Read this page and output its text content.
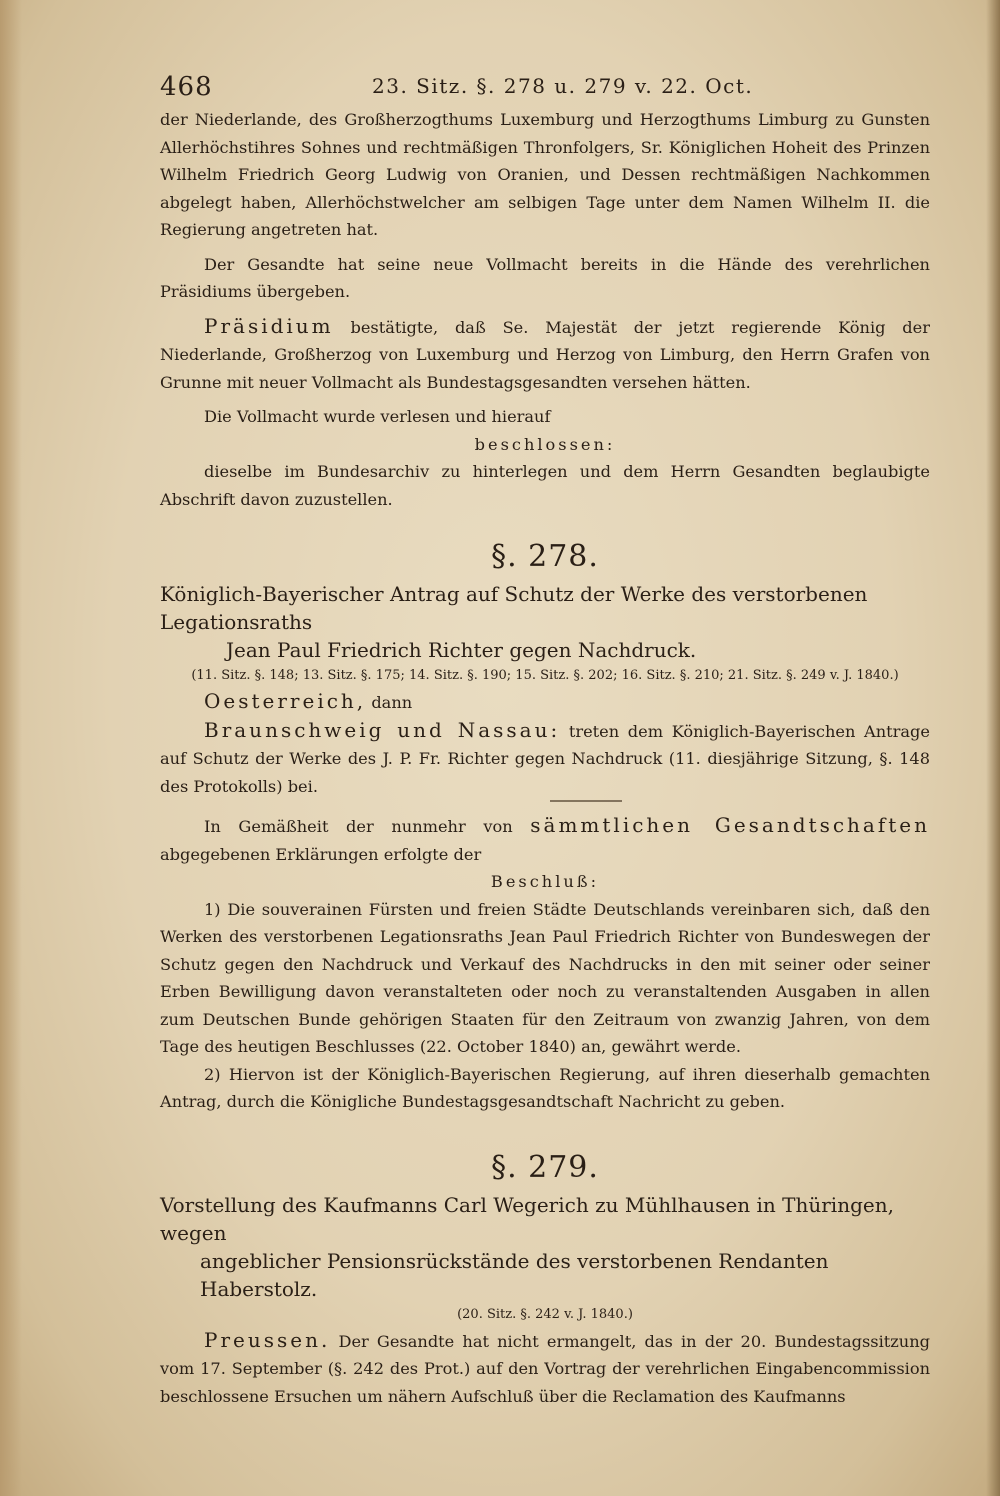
468	23. Sitz. §. 278 u. 279 v. 22. Oct.

der Niederlande, des Großherzogthums Luxemburg und Herzogthums Limburg zu Gunsten Allerhöchstihres Sohnes und rechtmäßigen Thronfolgers, Sr. Königlichen Hoheit des Prinzen Wilhelm Friedrich Georg Ludwig von Oranien, und Dessen rechtmäßigen Nachkommen abgelegt haben, Allerhöchstwelcher am selbigen Tage unter dem Namen Wilhelm II. die Regierung angetreten hat.

Der Gesandte hat seine neue Vollmacht bereits in die Hände des verehrlichen Präsidiums übergeben.

Präsidium bestätigte, daß Se. Majestät der jetzt regierende König der Niederlande, Großherzog von Luxemburg und Herzog von Limburg, den Herrn Grafen von Grunne mit neuer Vollmacht als Bundestagsgesandten versehen hätten.

Die Vollmacht wurde verlesen und hierauf

beschlossen:

dieselbe im Bundesarchiv zu hinterlegen und dem Herrn Gesandten beglaubigte Abschrift davon zuzustellen.

§. 278.
Königlich-Bayerischer Antrag auf Schutz der Werke des verstorbenen Legationsraths
Jean Paul Friedrich Richter gegen Nachdruck.

(11. Sitz. §. 148; 13. Sitz. §. 175; 14. Sitz. §. 190; 15. Sitz. §. 202; 16. Sitz. §. 210; 21. Sitz. §. 249 v. J. 1840.)

Oesterreich, dann

Braunschweig und Nassau: treten dem Königlich-Bayerischen Antrage auf Schutz der Werke des J. P. Fr. Richter gegen Nachdruck (11. diesjährige Sitzung, §. 148 des Protokolls) bei.

In Gemäßheit der nunmehr von sämmtlichen Gesandtschaften abgegebenen Erklärungen erfolgte der

Beschluß:

1) Die souverainen Fürsten und freien Städte Deutschlands vereinbaren sich, daß den Werken des verstorbenen Legationsraths Jean Paul Friedrich Richter von Bundeswegen der Schutz gegen den Nachdruck und Verkauf des Nachdrucks in den mit seiner oder seiner Erben Bewilligung davon veranstalteten oder noch zu veranstaltenden Ausgaben in allen zum Deutschen Bunde gehörigen Staaten für den Zeitraum von zwanzig Jahren, von dem Tage des heutigen Beschlusses (22. October 1840) an, gewährt werde.

2) Hiervon ist der Königlich-Bayerischen Regierung, auf ihren dieserhalb gemachten Antrag, durch die Königliche Bundestagsgesandtschaft Nachricht zu geben.

§. 279.
Vorstellung des Kaufmanns Carl Wegerich zu Mühlhausen in Thüringen, wegen
angeblicher Pensionsrückstände des verstorbenen Rendanten Haberstolz.

(20. Sitz. §. 242 v. J. 1840.)

Preussen. Der Gesandte hat nicht ermangelt, das in der 20. Bundestagssitzung vom 17. September (§. 242 des Prot.) auf den Vortrag der verehrlichen Eingabencommission beschlossene Ersuchen um nähern Aufschluß über die Reclamation des Kaufmanns
